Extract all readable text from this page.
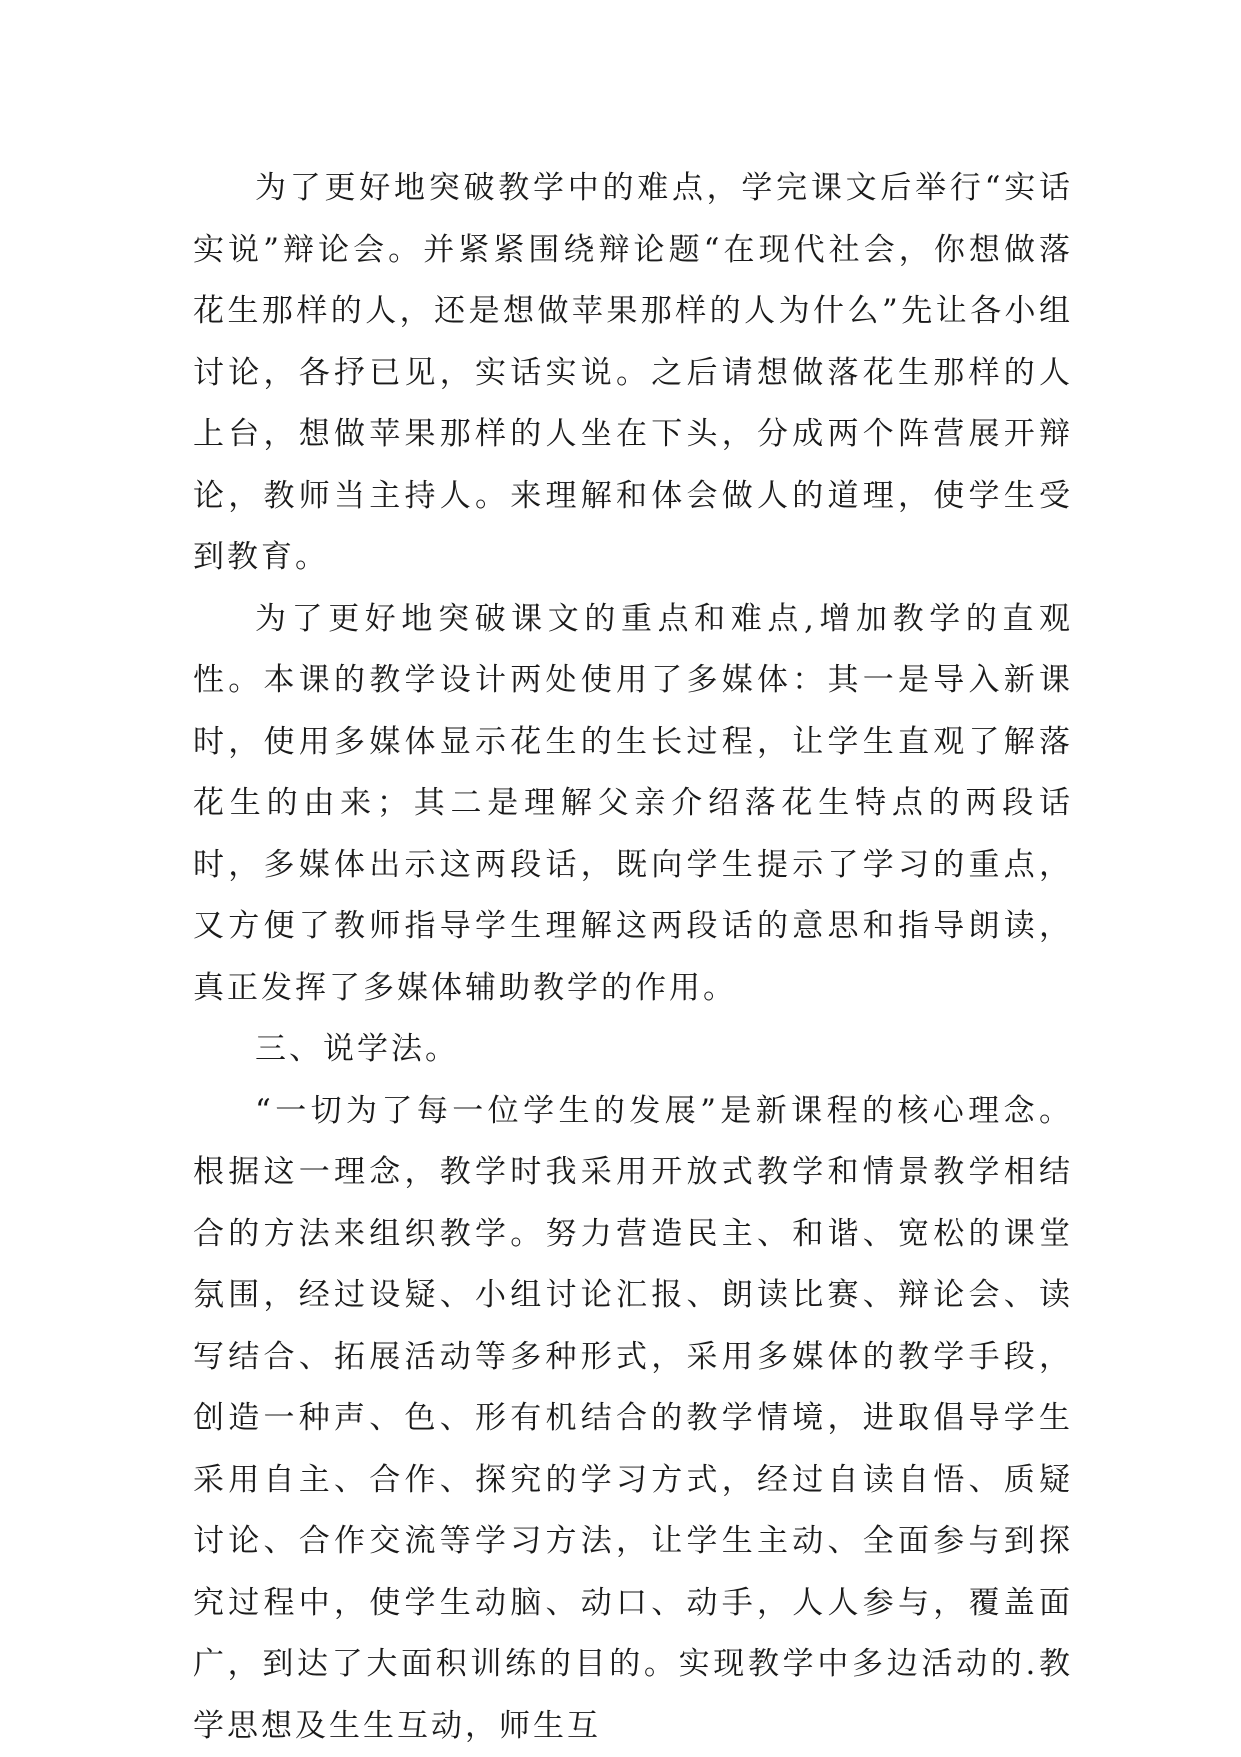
为了更好地突破教学中的难点，学完课文后举行“实话实说”辩论会。并紧紧围绕辩论题“在现代社会，你想做落花生那样的人，还是想做苹果那样的人为什么”先让各小组讨论，各抒已见，实话实说。之后请想做落花生那样的人上台，想做苹果那样的人坐在下头，分成两个阵营展开辩论，教师当主持人。来理解和体会做人的道理，使学生受到教育。

为了更好地突破课文的重点和难点,增加教学的直观性。本课的教学设计两处使用了多媒体：其一是导入新课时，使用多媒体显示花生的生长过程，让学生直观了解落花生的由来；其二是理解父亲介绍落花生特点的两段话时，多媒体出示这两段话，既向学生提示了学习的重点，又方便了教师指导学生理解这两段话的意思和指导朗读，真正发挥了多媒体辅助教学的作用。

三、说学法。

“一切为了每一位学生的发展”是新课程的核心理念。根据这一理念，教学时我采用开放式教学和情景教学相结合的方法来组织教学。努力营造民主、和谐、宽松的课堂氛围，经过设疑、小组讨论汇报、朗读比赛、辩论会、读写结合、拓展活动等多种形式，采用多媒体的教学手段，创造一种声、色、形有机结合的教学情境，进取倡导学生采用自主、合作、探究的学习方式，经过自读自悟、质疑讨论、合作交流等学习方法，让学生主动、全面参与到探究过程中，使学生动脑、动口、动手，人人参与，覆盖面广，到达了大面积训练的目的。实现教学中多边活动的.教学思想及生生互动，师生互
